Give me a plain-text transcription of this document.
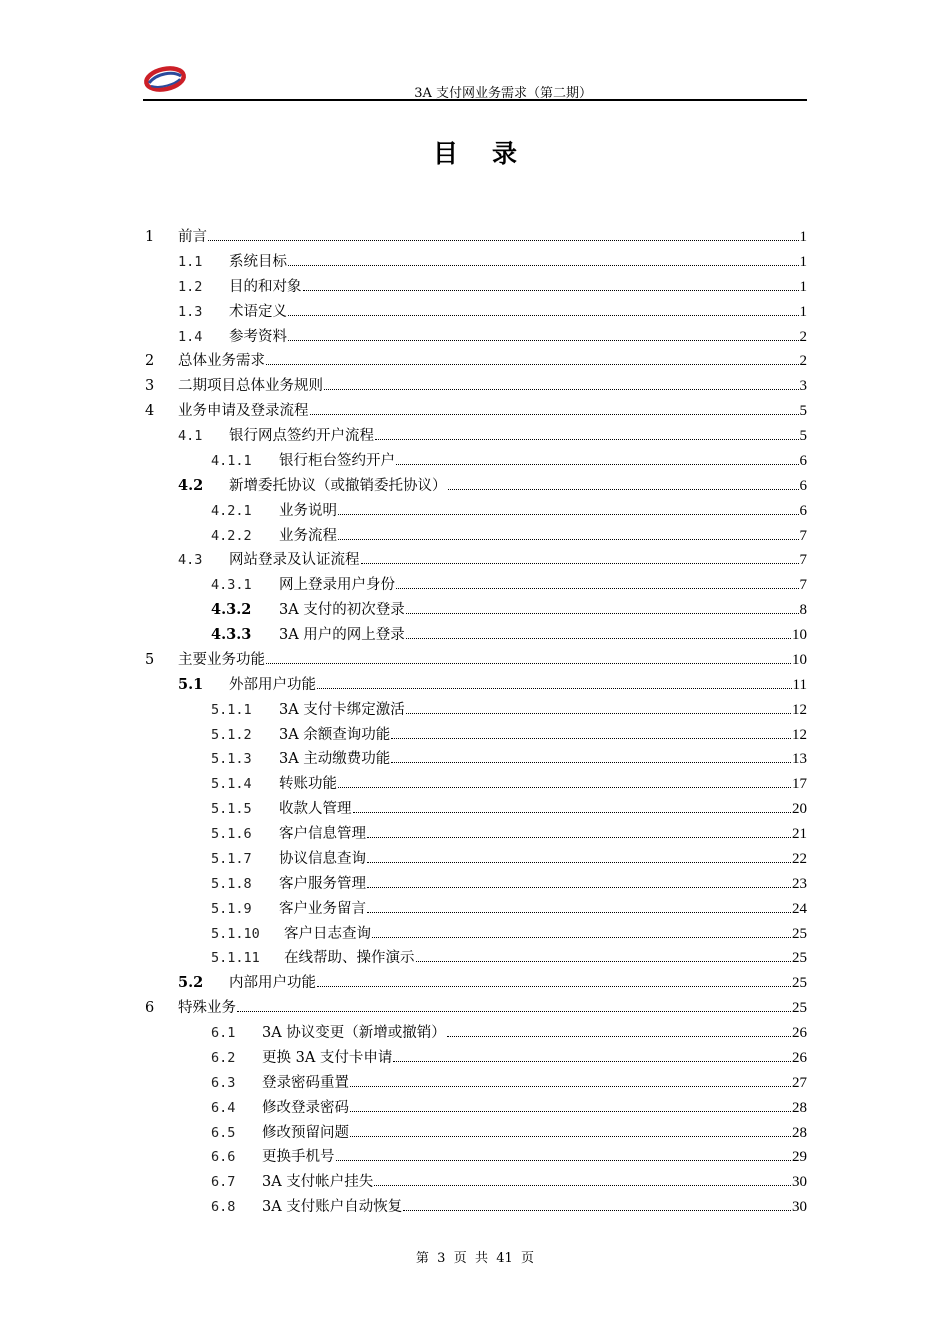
3A 支付网业务需求（第二期）
目录
1	前言	1
1.1	系统目标	1
1.2	目的和对象	1
1.3	术语定义	1
1.4	参考资料	2
2	总体业务需求	2
3	二期项目总体业务规则	3
4	业务申请及登录流程	5
4.1	银行网点签约开户流程	5
4.1.1	银行柜台签约开户	6
4.2	新增委托协议（或撤销委托协议）	6
4.2.1	业务说明	6
4.2.2	业务流程	7
4.3	网站登录及认证流程	7
4.3.1	网上登录用户身份	7
4.3.2	3A 支付的初次登录	8
4.3.3	3A 用户的网上登录	10
5	主要业务功能	10
5.1	外部用户功能	11
5.1.1	3A 支付卡绑定激活	12
5.1.2	3A 余额查询功能	12
5.1.3	3A 主动缴费功能	13
5.1.4	转账功能	17
5.1.5	收款人管理	20
5.1.6	客户信息管理	21
5.1.7	协议信息查询	22
5.1.8	客户服务管理	23
5.1.9	客户业务留言	24
5.1.10	客户日志查询	25
5.1.11	在线帮助、操作演示	25
5.2	内部用户功能	25
6	特殊业务	25
6.1	3A 协议变更（新增或撤销）	26
6.2	更换 3A 支付卡申请	26
6.3	登录密码重置	27
6.4	修改登录密码	28
6.5	修改预留问题	28
6.6	更换手机号	29
6.7	3A 支付帐户挂失	30
6.8	3A 支付账户自动恢复	30
第  3  页  共  41  页
